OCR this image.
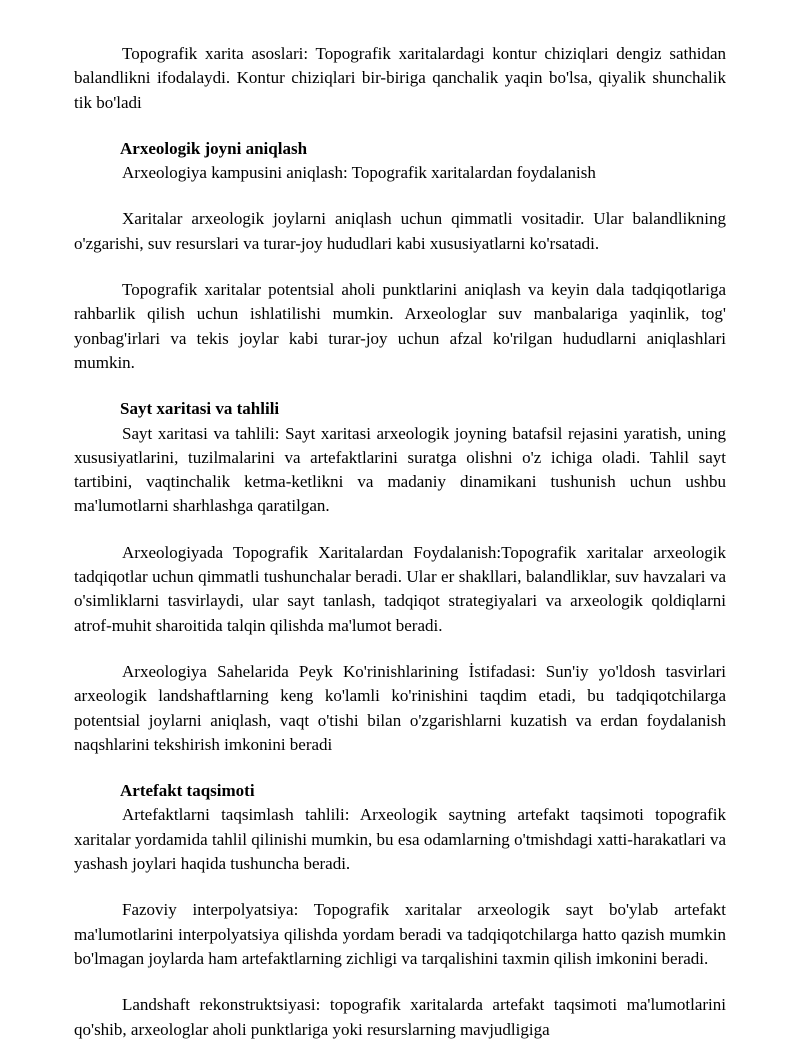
Topografik xarita asoslari: Topografik xaritalardagi kontur chiziqlari dengiz sathidan balandlikni ifodalaydi. Kontur chiziqlari bir-biriga qanchalik yaqin bo'lsa, qiyalik shunchalik tik bo'ladi

Arxeologik joyni aniqlash

Arxeologiya kampusini aniqlash: Topografik xaritalardan foydalanish

Xaritalar arxeologik joylarni aniqlash uchun qimmatli vositadir. Ular balandlikning o'zgarishi, suv resurslari va turar-joy hududlari kabi xususiyatlarni ko'rsatadi.

Topografik xaritalar potentsial aholi punktlarini aniqlash va keyin dala tadqiqotlariga rahbarlik qilish uchun ishlatilishi mumkin. Arxeologlar suv manbalariga yaqinlik, tog' yonbag'irlari va tekis joylar kabi turar-joy uchun afzal ko'rilgan hududlarni aniqlashlari mumkin.

Sayt xaritasi va tahlili

Sayt xaritasi va tahlili: Sayt xaritasi arxeologik joyning batafsil rejasini yaratish, uning xususiyatlarini, tuzilmalarini va artefaktlarini suratga olishni o'z ichiga oladi. Tahlil sayt tartibini, vaqtinchalik ketma-ketlikni va madaniy dinamikani tushunish uchun ushbu ma'lumotlarni sharhlashga qaratilgan.

Arxeologiyada Topografik Xaritalardan Foydalanish:Topografik xaritalar arxeologik tadqiqotlar uchun qimmatli tushunchalar beradi. Ular er shakllari, balandliklar, suv havzalari va o'simliklarni tasvirlaydi, ular sayt tanlash, tadqiqot strategiyalari va arxeologik qoldiqlarni atrof-muhit sharoitida talqin qilishda ma'lumot beradi.

Arxeologiya Sahelarida Peyk Ko'rinishlarining İstifadasi: Sun'iy yo'ldosh tasvirlari arxeologik landshaftlarning keng ko'lamli ko'rinishini taqdim etadi, bu tadqiqotchilarga potentsial joylarni aniqlash, vaqt o'tishi bilan o'zgarishlarni kuzatish va erdan foydalanish naqshlarini tekshirish imkonini beradi

Artefakt taqsimoti

Artefaktlarni taqsimlash tahlili: Arxeologik saytning artefakt taqsimoti topografik xaritalar yordamida tahlil qilinishi mumkin, bu esa odamlarning o'tmishdagi xatti-harakatlari va yashash joylari haqida tushuncha beradi.

Fazoviy interpolyatsiya: Topografik xaritalar arxeologik sayt bo'ylab artefakt ma'lumotlarini interpolyatsiya qilishda yordam beradi va tadqiqotchilarga hatto qazish mumkin bo'lmagan joylarda ham artefaktlarning zichligi va tarqalishini taxmin qilish imkonini beradi.

Landshaft rekonstruktsiyasi: topografik xaritalarda artefakt taqsimoti ma'lumotlarini qo'shib, arxeologlar aholi punktlariga yoki resurslarning mavjudligiga
